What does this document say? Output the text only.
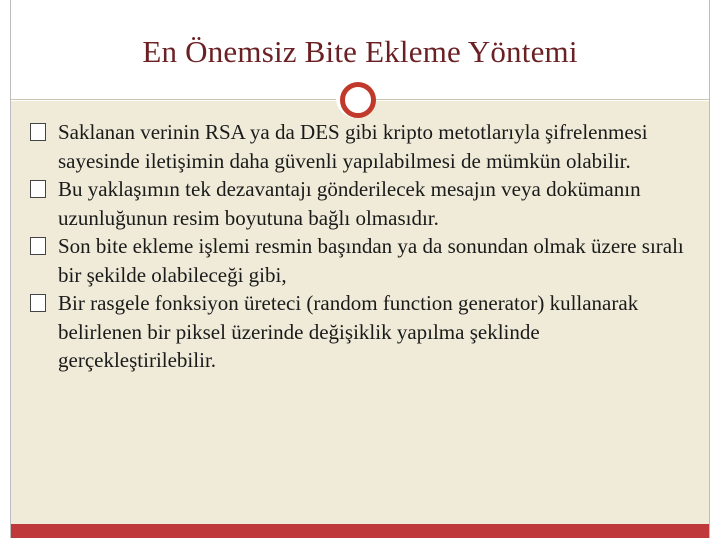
En Önemsiz Bite Ekleme Yöntemi

Saklanan verinin RSA ya da DES gibi kripto metotlarıyla şifrelenmesi sayesinde iletişimin daha güvenli yapılabilmesi de mümkün olabilir.

Bu yaklaşımın tek dezavantajı gönderilecek mesajın veya dokümanın uzunluğunun resim boyutuna bağlı olmasıdır.

Son bite ekleme işlemi resmin başından ya da sonundan olmak üzere sıralı bir şekilde olabileceği gibi,

Bir rasgele fonksiyon üreteci (random function generator) kullanarak belirlenen bir piksel üzerinde değişiklik yapılma şeklinde gerçekleştirilebilir.
